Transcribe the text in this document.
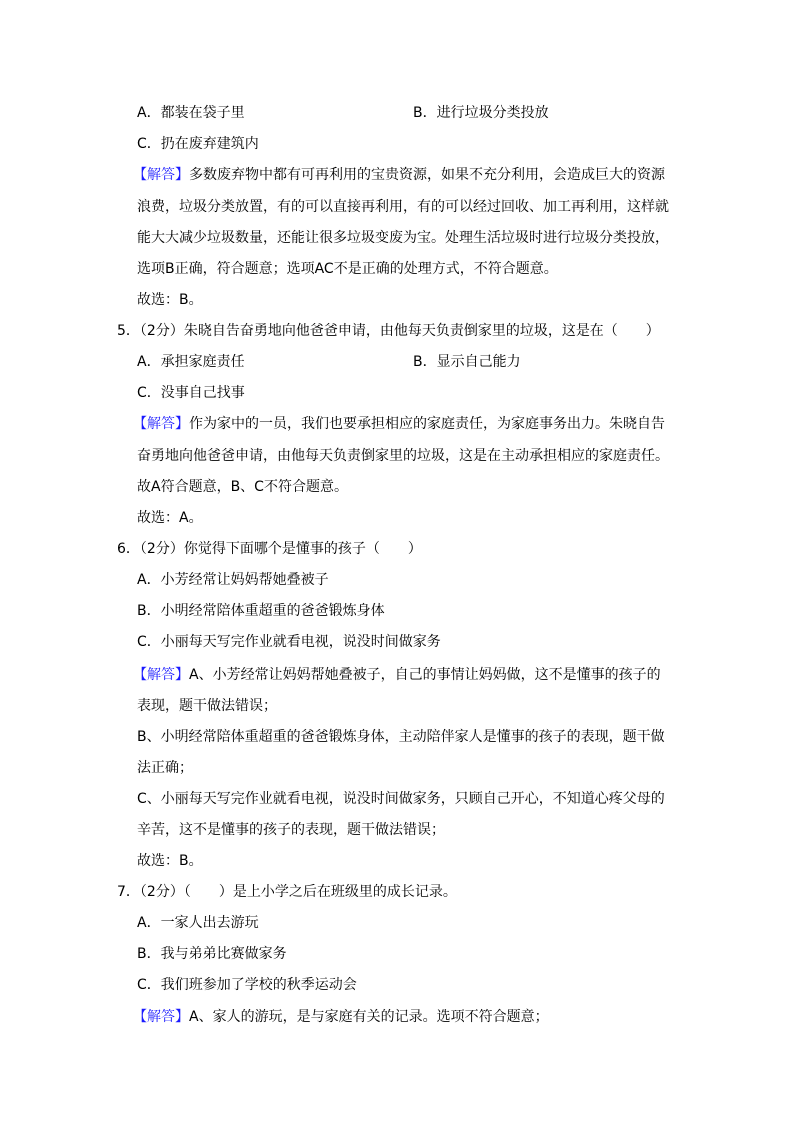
A．都装在袋子里	B．进行垃圾分类投放
C．扔在废弃建筑内
【解答】多数废弃物中都有可再利用的宝贵资源，如果不充分利用，会造成巨大的资源
浪费，垃圾分类放置，有的可以直接再利用，有的可以经过回收、加工再利用，这样就
能大大减少垃圾数量，还能让很多垃圾变废为宝。处理生活垃圾时进行垃圾分类投放，
选项B正确，符合题意；选项AC不是正确的处理方式，不符合题意。
故选：B。
5．（2分）朱晓自告奋勇地向他爸爸申请，由他每天负责倒家里的垃圾，这是在（　　）
A．承担家庭责任	B．显示自己能力
C．没事自己找事
【解答】作为家中的一员，我们也要承担相应的家庭责任，为家庭事务出力。朱晓自告
奋勇地向他爸爸申请，由他每天负责倒家里的垃圾，这是在主动承担相应的家庭责任。
故A符合题意，B、C不符合题意。
故选：A。
6．（2分）你觉得下面哪个是懂事的孩子（　　）
A．小芳经常让妈妈帮她叠被子
B．小明经常陪体重超重的爸爸锻炼身体
C．小丽每天写完作业就看电视，说没时间做家务
【解答】A、小芳经常让妈妈帮她叠被子，自己的事情让妈妈做，这不是懂事的孩子的
表现，题干做法错误；
B、小明经常陪体重超重的爸爸锻炼身体，主动陪伴家人是懂事的孩子的表现，题干做
法正确；
C、小丽每天写完作业就看电视，说没时间做家务，只顾自己开心，不知道心疼父母的
辛苦，这不是懂事的孩子的表现，题干做法错误；
故选：B。
7．（2分）（　　）是上小学之后在班级里的成长记录。
A．一家人出去游玩
B．我与弟弟比赛做家务
C．我们班参加了学校的秋季运动会
【解答】A、家人的游玩，是与家庭有关的记录。选项不符合题意；
